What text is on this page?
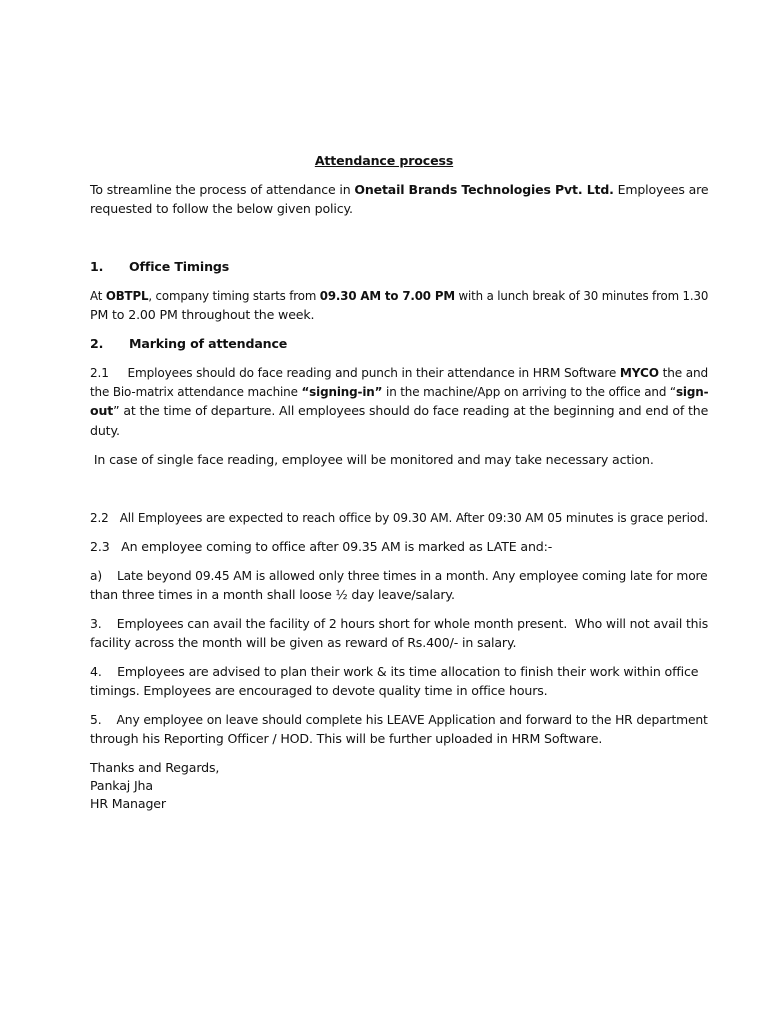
Attendance process
To streamline the process of attendance in Onetail Brands Technologies Pvt. Ltd. Employees are
requested to follow the below given policy.
1. Office Timings
At OBTPL, company timing starts from 09.30 AM to 7.00 PM with a lunch break of 30 minutes from 1.30
PM to 2.00 PM throughout the week.
2. Marking of attendance
2.1 Employees should do face reading and punch in their attendance in HRM Software MYCO the and
the Bio-matrix attendance machine “signing-in” in the machine/App on arriving to the office and “sign-
out” at the time of departure. All employees should do face reading at the beginning and end of the
duty.
In case of single face reading, employee will be monitored and may take necessary action.
2.2   All Employees are expected to reach office by 09.30 AM. After 09:30 AM 05 minutes is grace period.
2.3   An employee coming to office after 09.35 AM is marked as LATE and:-
a)    Late beyond 09.45 AM is allowed only three times in a month. Any employee coming late for more
than three times in a month shall loose ½ day leave/salary.
3.    Employees can avail the facility of 2 hours short for whole month present.  Who will not avail this
facility across the month will be given as reward of Rs.400/- in salary.
4.    Employees are advised to plan their work & its time allocation to finish their work within office
timings. Employees are encouraged to devote quality time in office hours.
5.    Any employee on leave should complete his LEAVE Application and forward to the HR department
through his Reporting Officer / HOD. This will be further uploaded in HRM Software.
Thanks and Regards,
Pankaj Jha
HR Manager
